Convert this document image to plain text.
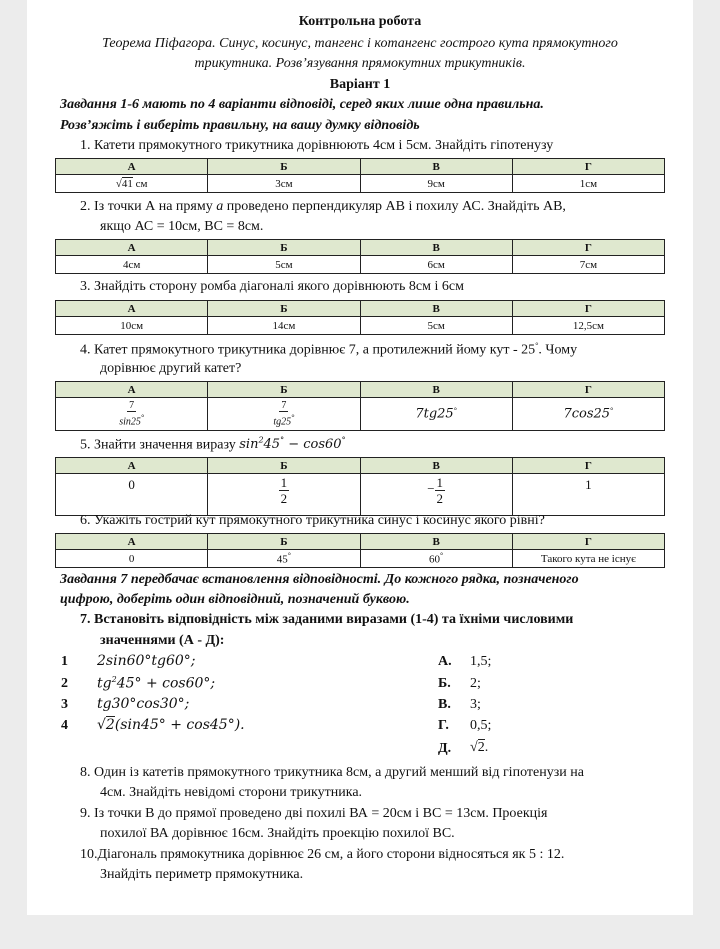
Контрольна робота
Теорема Піфагора. Синус, косинус, тангенс і котангенс гострого кута прямокутного
трикутника. Розв’язування прямокутних трикутників.
Варіант 1
Завдання 1-6 мають по 4 варіанти відповіді, серед яких лише одна правильна.
Розв’яжіть і виберіть правильну, на вашу думку відповідь
1. Катети прямокутного трикутника дорівнюють 4см і 5см. Знайдіть гіпотенузу
А	Б	В	Г
√41 см	3см	9см	1см
2. Із точки А на пряму a проведено перпендикуляр АВ і похилу АС. Знайдіть АВ,
якщо АС = 10см, ВС = 8см.
А	Б	В	Г
4см	5см	6см	7см
3. Знайдіть сторону ромба діагоналі якого дорівнюють 8см і 6см
А	Б	В	Г
10см	14см	5см	12,5см
4. Катет прямокутного трикутника дорівнює 7, а протилежний йому кут - 25°. Чому
дорівнює другий катет?
А	Б	В	Г

$\frac{7}{\sin 25^\circ}$	$\frac{7}{tg25^\circ}$	7tg25°	7cos25°
5. Знайти значення виразу $\sin^245^\circ - \cos 60^\circ$
А	Б	В	Г
0	$\frac{1}{2}$	− $\frac{1}{2}$	1
6. Укажіть гострий кут прямокутного трикутника синус і косинус якого рівні?
А	Б	В	Г
0	45°	60°	Такого кута не існує
Завдання 7 передбачає встановлення відповідності. До кожного рядка, позначеного
цифрою, доберіть один відповідний, позначений буквою.
7. Встановіть відповідність між заданими виразами (1-4) та їхніми числовими
значеннями (А - Д):
1 2sin60°tg60°;
2 $tg^245^\circ + \cos 60^\circ$;
3 tg30°cos30°;
4 √2(sin45° + cos45°).
А. 1,5;
Б. 2;
В. 3;
Г. 0,5;
Д. √2.
8. Один із катетів прямокутного трикутника 8см, а другий менший від гіпотенузи на
4см. Знайдіть невідомі сторони трикутника.
9. Із точки В до прямої проведено дві похилі ВА = 20см і ВС = 13см. Проекція
похилої ВА дорівнює 16см. Знайдіть проекцію похилої ВС.
10.Діагональ прямокутника дорівнює 26 см, а його сторони відносяться як 5 : 12.
Знайдіть периметр прямокутника.
